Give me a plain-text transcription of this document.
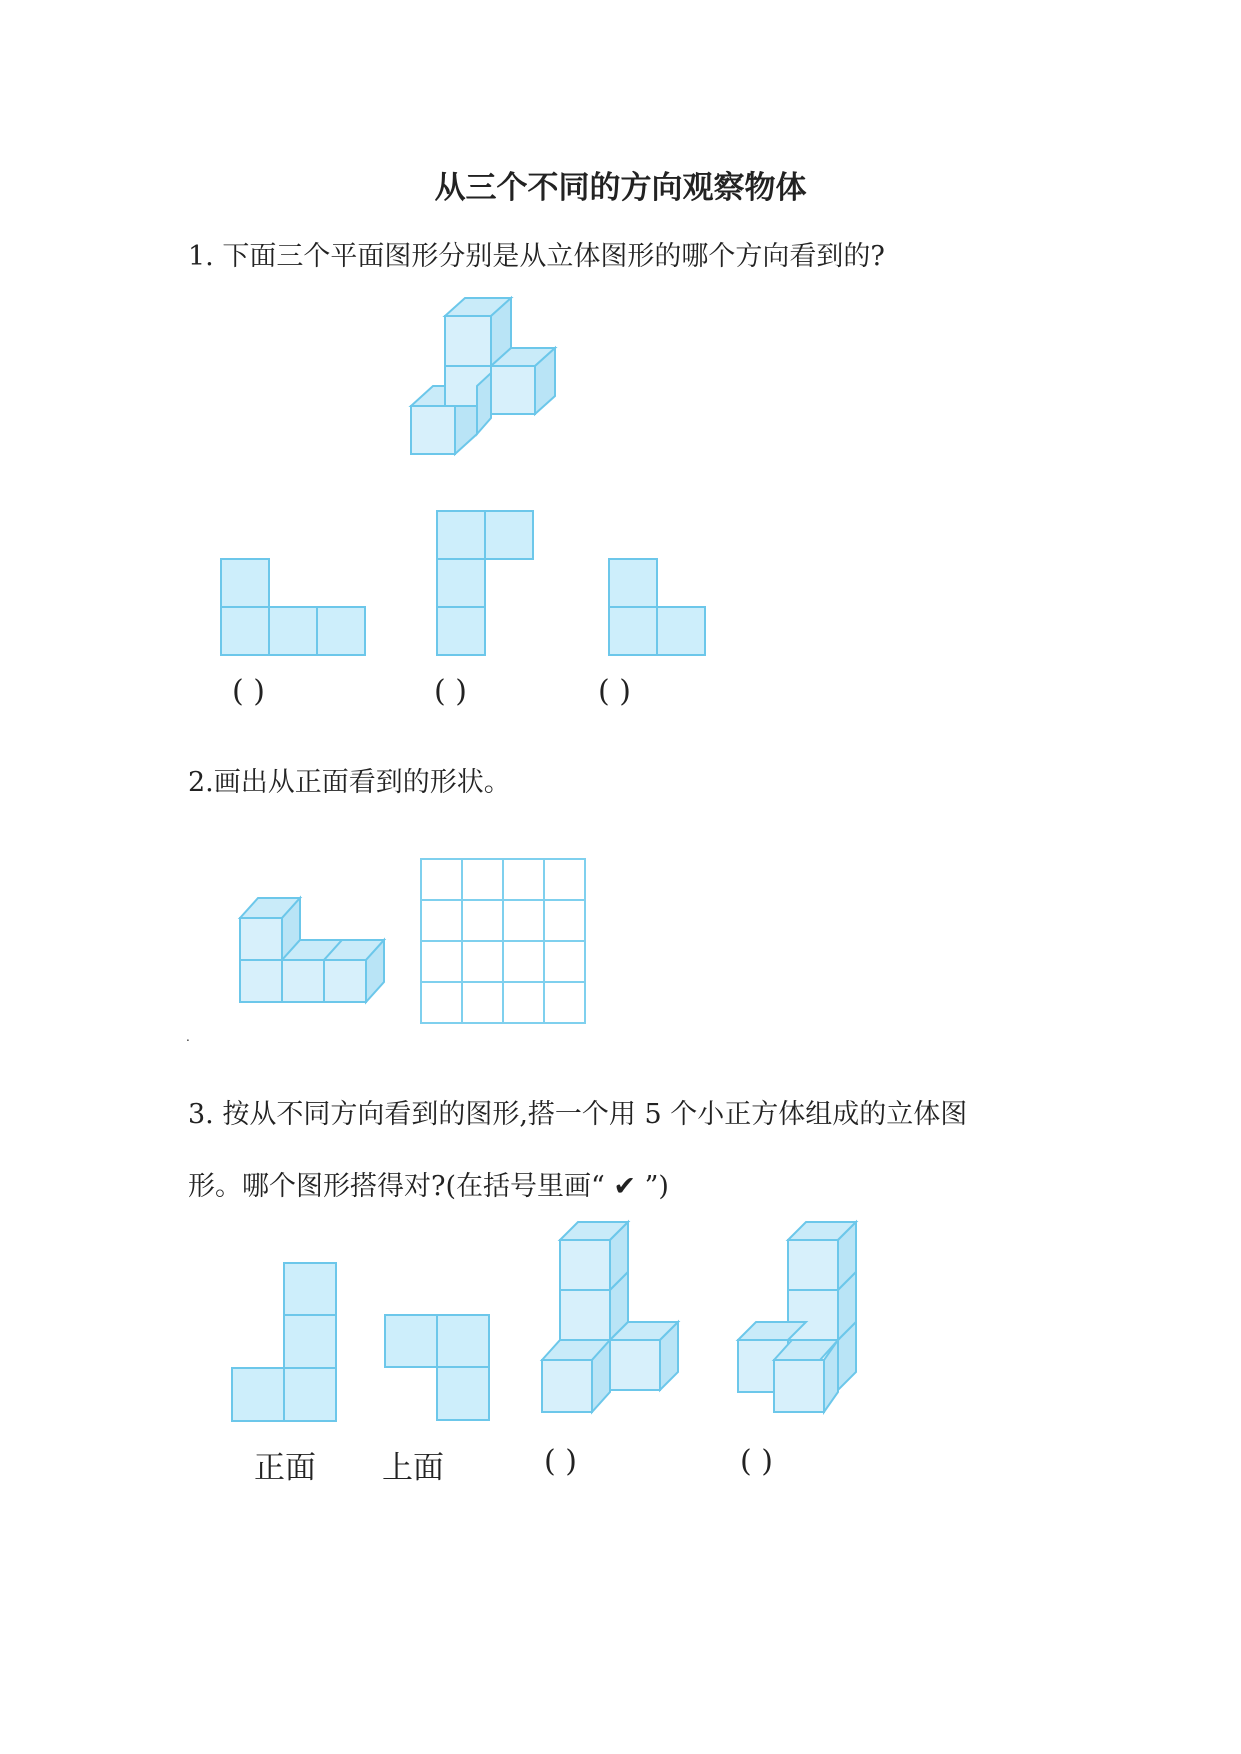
从三个不同的方向观察物体
1. 下面三个平面图形分别是从立体图形的哪个方向看到的?
( )	( )	( )
2.画出从正面看到的形状。
.
3. 按从不同方向看到的图形,搭一个用 5 个小正方体组成的立体图
形。哪个图形搭得对?(在括号里画“ ✔ ”)
正面 上面	( )	( )
